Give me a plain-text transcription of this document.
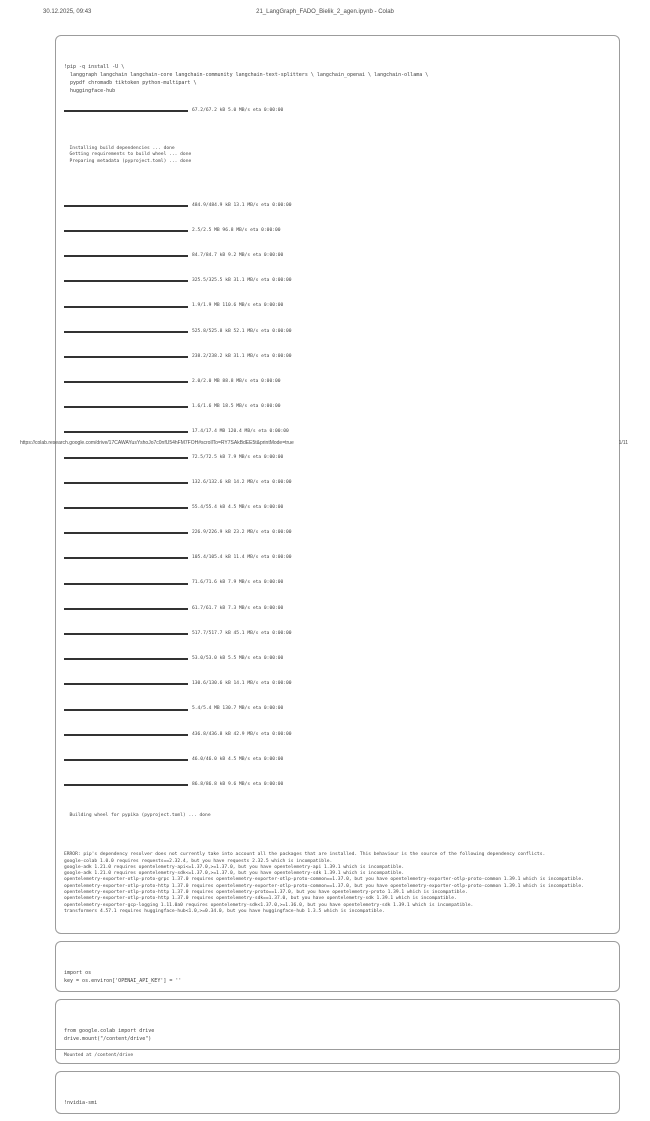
30.12.2025, 09:43	21_LangGraph_FADO_Bielik_2_agen.ipynb - Colab

!pip -q install -U \
langgraph langchain langchain-core langchain-community langchain-text-splitters \ langchain_openai \ langchain-ollama \
pypdf chromadb tiktoken python-multipart \
huggingface-hub

67.2/67.2 kB 5.0 MB/s eta 0:00:00

Installing build dependencies ... done
Getting requirements to build wheel ... done
Preparing metadata (pyproject.toml) ... done

484.9/484.9 kB 13.1 MB/s eta 0:00:00

2.5/2.5 MB 96.8 MB/s eta 0:00:00

84.7/84.7 kB 9.2 MB/s eta 0:00:00

325.5/325.5 kB 31.1 MB/s eta 0:00:00

1.9/1.9 MB 110.6 MB/s eta 0:00:00

525.8/525.8 kB 52.1 MB/s eta 0:00:00

238.2/238.2 kB 31.1 MB/s eta 0:00:00

2.0/2.0 MB 88.8 MB/s eta 0:00:00

1.6/1.6 MB 18.5 MB/s eta 0:00:00

17.4/17.4 MB 120.4 MB/s eta 0:00:00

72.5/72.5 kB 7.9 MB/s eta 0:00:00

132.6/132.6 kB 14.2 MB/s eta 0:00:00

55.4/55.4 kB 4.5 MB/s eta 0:00:00

226.9/226.9 kB 23.2 MB/s eta 0:00:00

105.4/105.4 kB 11.4 MB/s eta 0:00:00

71.6/71.6 kB 7.9 MB/s eta 0:00:00

61.7/61.7 kB 7.3 MB/s eta 0:00:00

517.7/517.7 kB 45.1 MB/s eta 0:00:00

53.0/53.0 kB 5.5 MB/s eta 0:00:00

130.6/130.6 kB 14.1 MB/s eta 0:00:00

5.4/5.4 MB 130.7 MB/s eta 0:00:00

436.8/436.8 kB 42.9 MB/s eta 0:00:00

46.0/46.0 kB 4.5 MB/s eta 0:00:00

86.8/86.8 kB 9.6 MB/s eta 0:00:00

Building wheel for pypika (pyproject.toml) ... done

ERROR: pip's dependency resolver does not currently take into account all the packages that are installed. This behaviour is the source of the following dependency conflicts.
google-colab 1.0.0 requires requests==2.32.4, but you have requests 2.32.5 which is incompatible.
google-adk 1.21.0 requires opentelemetry-api<=1.37.0,>=1.37.0, but you have opentelemetry-api 1.39.1 which is incompatible.
google-adk 1.21.0 requires opentelemetry-sdk<=1.37.0,>=1.37.0, but you have opentelemetry-sdk 1.39.1 which is incompatible.
opentelemetry-exporter-otlp-proto-grpc 1.37.0 requires opentelemetry-exporter-otlp-proto-common==1.37.0, but you have opentelemetry-exporter-otlp-proto-common 1.39.1 which is incompatible.
opentelemetry-exporter-otlp-proto-http 1.37.0 requires opentelemetry-exporter-otlp-proto-common==1.37.0, but you have opentelemetry-exporter-otlp-proto-common 1.39.1 which is incompatible.
opentelemetry-exporter-otlp-proto-http 1.37.0 requires opentelemetry-proto==1.37.0, but you have opentelemetry-proto 1.39.1 which is incompatible.
opentelemetry-exporter-otlp-proto-http 1.37.0 requires opentelemetry-sdk==1.37.0, but you have opentelemetry-sdk 1.39.1 which is incompatible.
opentelemetry-exporter-gcp-logging 1.11.0a0 requires opentelemetry-sdk<1.37.0,>=1.36.0, but you have opentelemetry-sdk 1.39.1 which is incompatible.
transformers 4.57.1 requires huggingface-hub<1.0,>=0.34.0, but you have huggingface-hub 1.3.5 which is incompatible.

import os
key = os.environ['OPENAI_API_KEY'] = ''

from google.colab import drive
drive.mount("/content/drive")
Mounted at /content/drive

!nvidia-smi
https://colab.research.google.com/drive/17CAWAYusYshoJo7c0nfU54hFM7FOH#scrollTo=RY7SAkBdEE5t&printMode=true	1/11
